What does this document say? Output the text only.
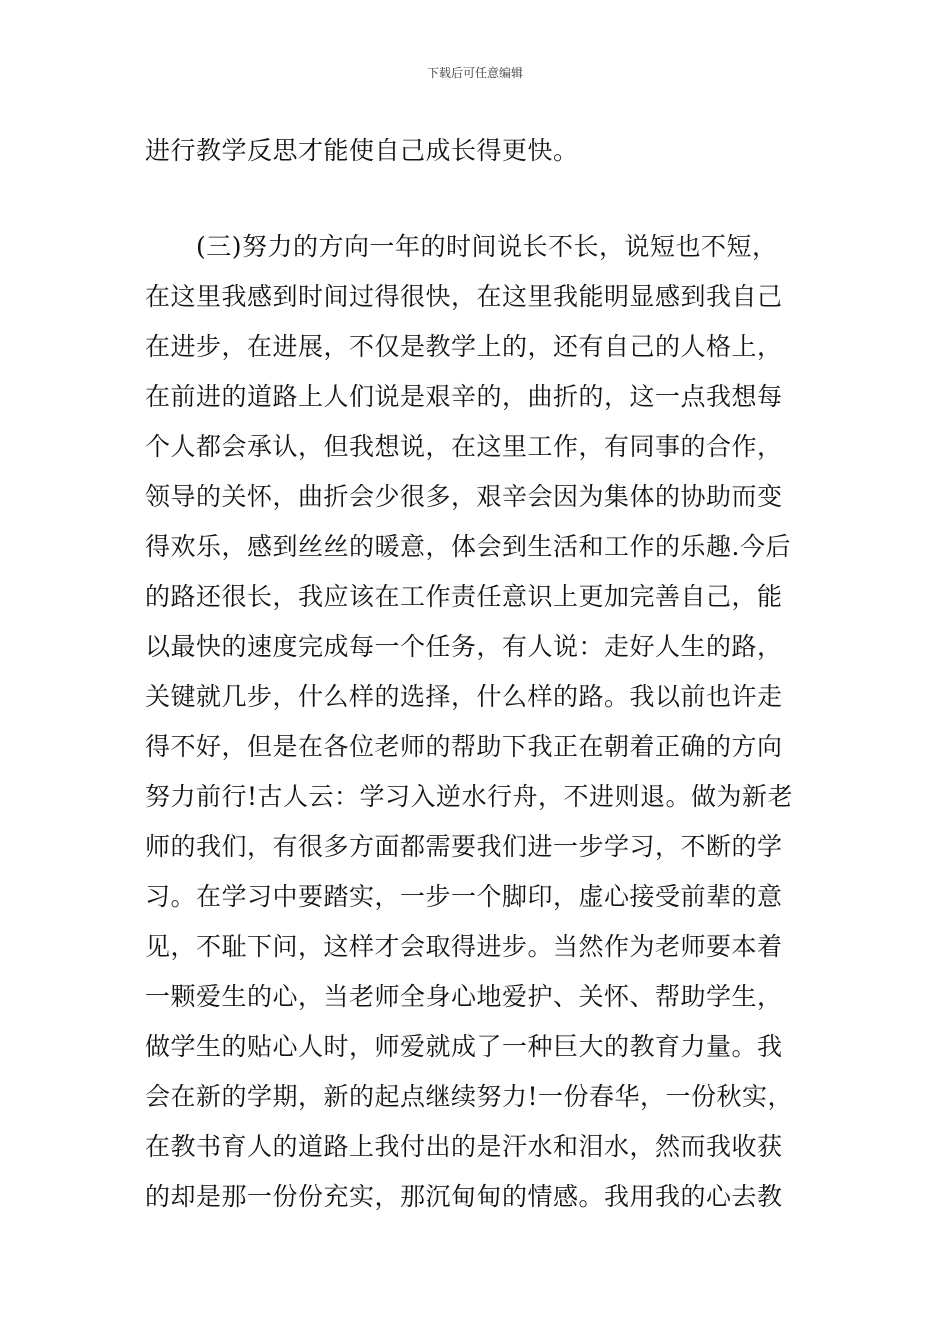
下载后可任意编辑
进行教学反思才能使自己成长得更快。
　　(三)努力的方向一年的时间说长不长，说短也不短，
在这里我感到时间过得很快，在这里我能明显感到我自己
在进步，在进展，不仅是教学上的，还有自己的人格上，
在前进的道路上人们说是艰辛的，曲折的，这一点我想每
个人都会承认，但我想说，在这里工作，有同事的合作，
领导的关怀，曲折会少很多，艰辛会因为集体的协助而变
得欢乐，感到丝丝的暖意，体会到生活和工作的乐趣.今后
的路还很长，我应该在工作责任意识上更加完善自己，能
以最快的速度完成每一个任务，有人说：走好人生的路，
关键就几步，什么样的选择，什么样的路。我以前也许走
得不好，但是在各位老师的帮助下我正在朝着正确的方向
努力前行!古人云：学习入逆水行舟，不进则退。做为新老
师的我们，有很多方面都需要我们进一步学习，不断的学
习。在学习中要踏实，一步一个脚印，虚心接受前辈的意
见，不耻下问，这样才会取得进步。当然作为老师要本着
一颗爱生的心，当老师全身心地爱护、关怀、帮助学生，
做学生的贴心人时，师爱就成了一种巨大的教育力量。我
会在新的学期，新的起点继续努力!一份春华，一份秋实，
在教书育人的道路上我付出的是汗水和泪水，然而我收获
的却是那一份份充实，那沉甸甸的情感。我用我的心去教
